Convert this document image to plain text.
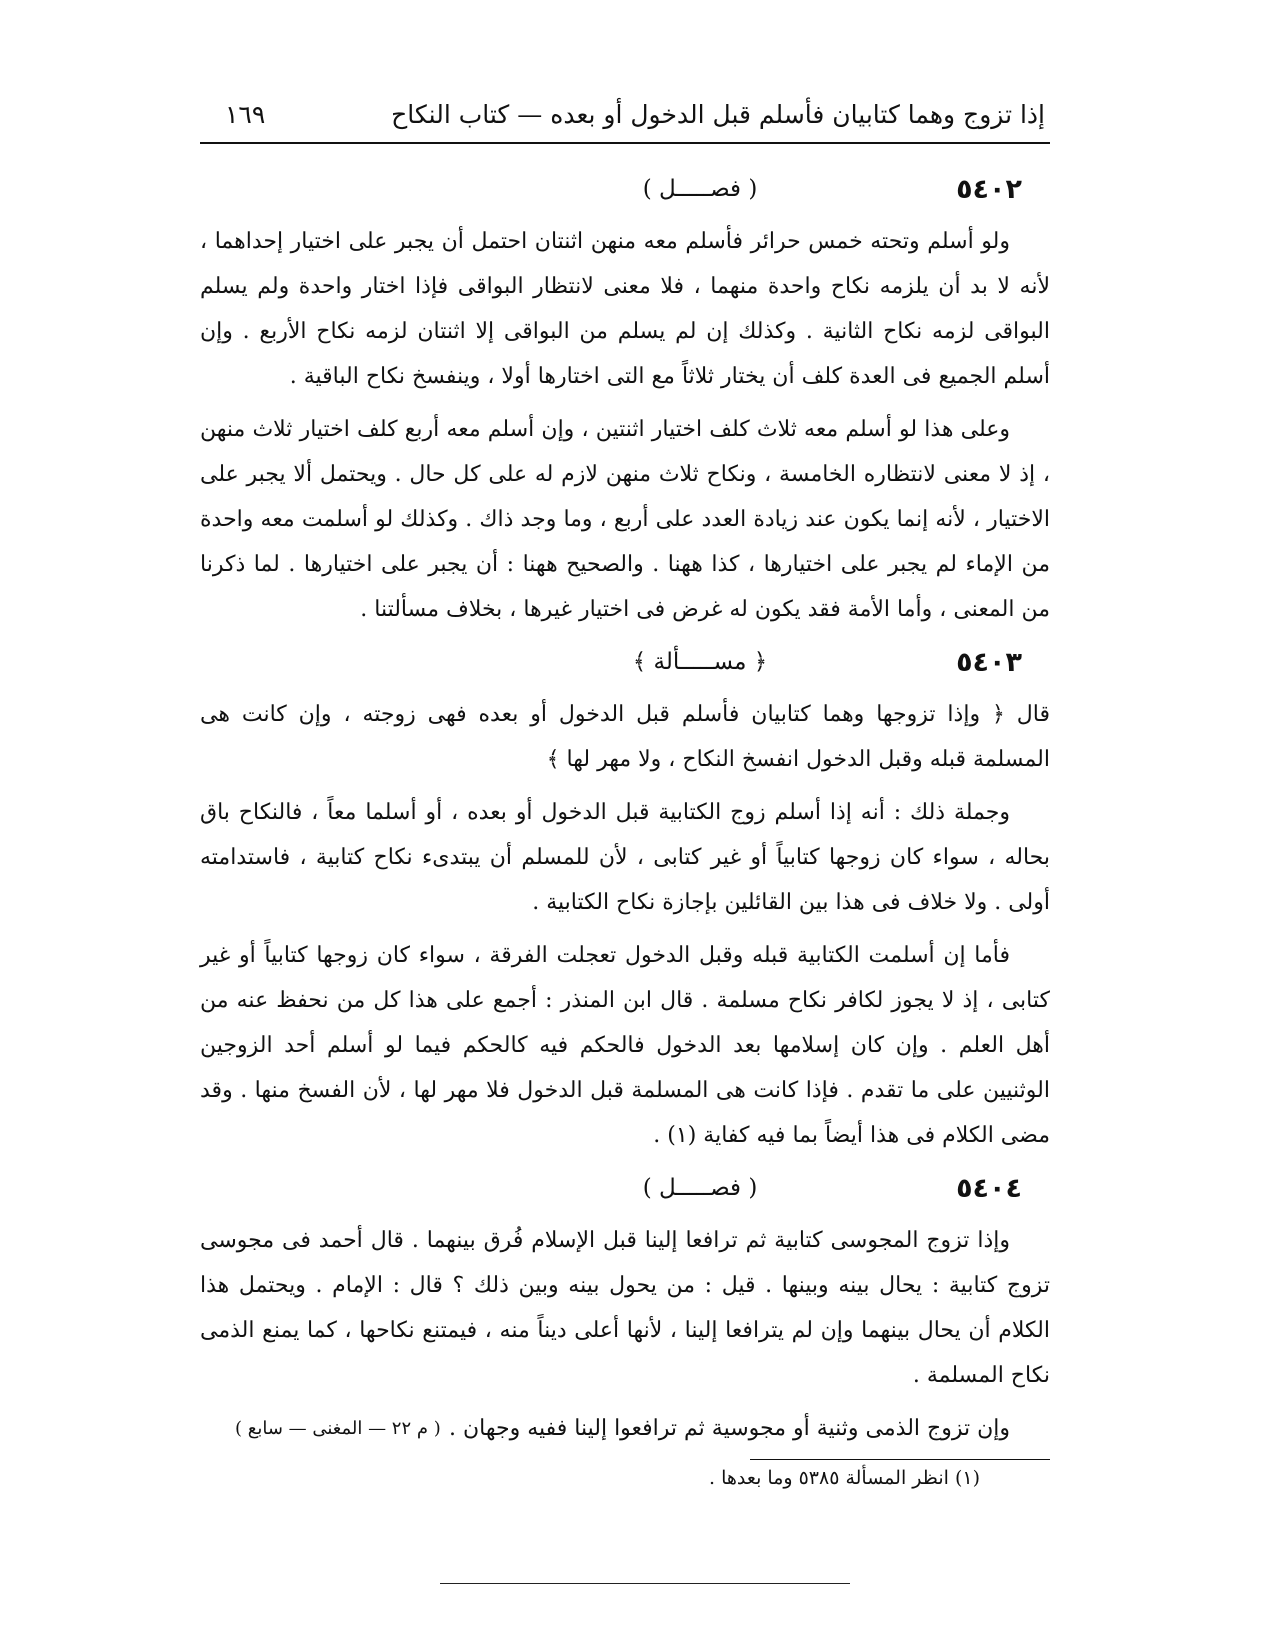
إذا تزوج وهما كتابيان فأسلم قبل الدخول أو بعده — كتاب النكاح
١٦٩
٥٤٠٢
( فصـــــل )

ولو أسلم وتحته خمس حرائر فأسلم معه منهن اثنتان احتمل أن يجبر على اختيار إحداهما ، لأنه لا بد أن يلزمه نكاح واحدة منهما ، فلا معنى لانتظار البواقى فإذا اختار واحدة ولم يسلم البواقى لزمه نكاح الثانية . وكذلك إن لم يسلم من البواقى إلا اثنتان لزمه نكاح الأربع . وإن أسلم الجميع فى العدة كلف أن يختار ثلاثاً مع التى اختارها أولا ، وينفسخ نكاح الباقية .

وعلى هذا لو أسلم معه ثلاث كلف اختيار اثنتين ، وإن أسلم معه أربع كلف اختيار ثلاث منهن ، إذ لا معنى لانتظاره الخامسة ، ونكاح ثلاث منهن لازم له على كل حال . ويحتمل ألا يجبر على الاختيار ، لأنه إنما يكون عند زيادة العدد على أربع ، وما وجد ذاك . وكذلك لو أسلمت معه واحدة من الإماء لم يجبر على اختيارها ، كذا ههنا . والصحيح ههنا : أن يجبر على اختيارها . لما ذكرنا من المعنى ، وأما الأمة فقد يكون له غرض فى اختيار غيرها ، بخلاف مسألتنا .

٥٤٠٣
﴿ مســـــألة ﴾

قال ﴿ وإذا تزوجها وهما كتابيان فأسلم قبل الدخول أو بعده فهى زوجته ، وإن كانت هى المسلمة قبله وقبل الدخول انفسخ النكاح ، ولا مهر لها ﴾

وجملة ذلك : أنه إذا أسلم زوج الكتابية قبل الدخول أو بعده ، أو أسلما معاً ، فالنكاح باق بحاله ، سواء كان زوجها كتابياً أو غير كتابى ، لأن للمسلم أن يبتدىء نكاح كتابية ، فاستدامته أولى . ولا خلاف فى هذا بين القائلين بإجازة نكاح الكتابية .

فأما إن أسلمت الكتابية قبله وقبل الدخول تعجلت الفرقة ، سواء كان زوجها كتابياً أو غير كتابى ، إذ لا يجوز لكافر نكاح مسلمة . قال ابن المنذر : أجمع على هذا كل من نحفظ عنه من أهل العلم . وإن كان إسلامها بعد الدخول فالحكم فيه كالحكم فيما لو أسلم أحد الزوجين الوثنيين على ما تقدم . فإذا كانت هى المسلمة قبل الدخول فلا مهر لها ، لأن الفسخ منها . وقد مضى الكلام فى هذا أيضاً بما فيه كفاية (١) .

٥٤٠٤
( فصـــــل )

وإذا تزوج المجوسى كتابية ثم ترافعا إلينا قبل الإسلام فُرق بينهما . قال أحمد فى مجوسى تزوج كتابية : يحال بينه وبينها . قيل : من يحول بينه وبين ذلك ؟ قال : الإمام . ويحتمل هذا الكلام أن يحال بينهما وإن لم يترافعا إلينا ، لأنها أعلى ديناً منه ، فيمتنع نكاحها ، كما يمنع الذمى نكاح المسلمة .

وإن تزوج الذمى وثنية أو مجوسية ثم ترافعوا إلينا ففيه وجهان .

(١) انظر المسألة ٥٣٨٥ وما بعدها .
( م ٢٢ — المغنى — سابع )
